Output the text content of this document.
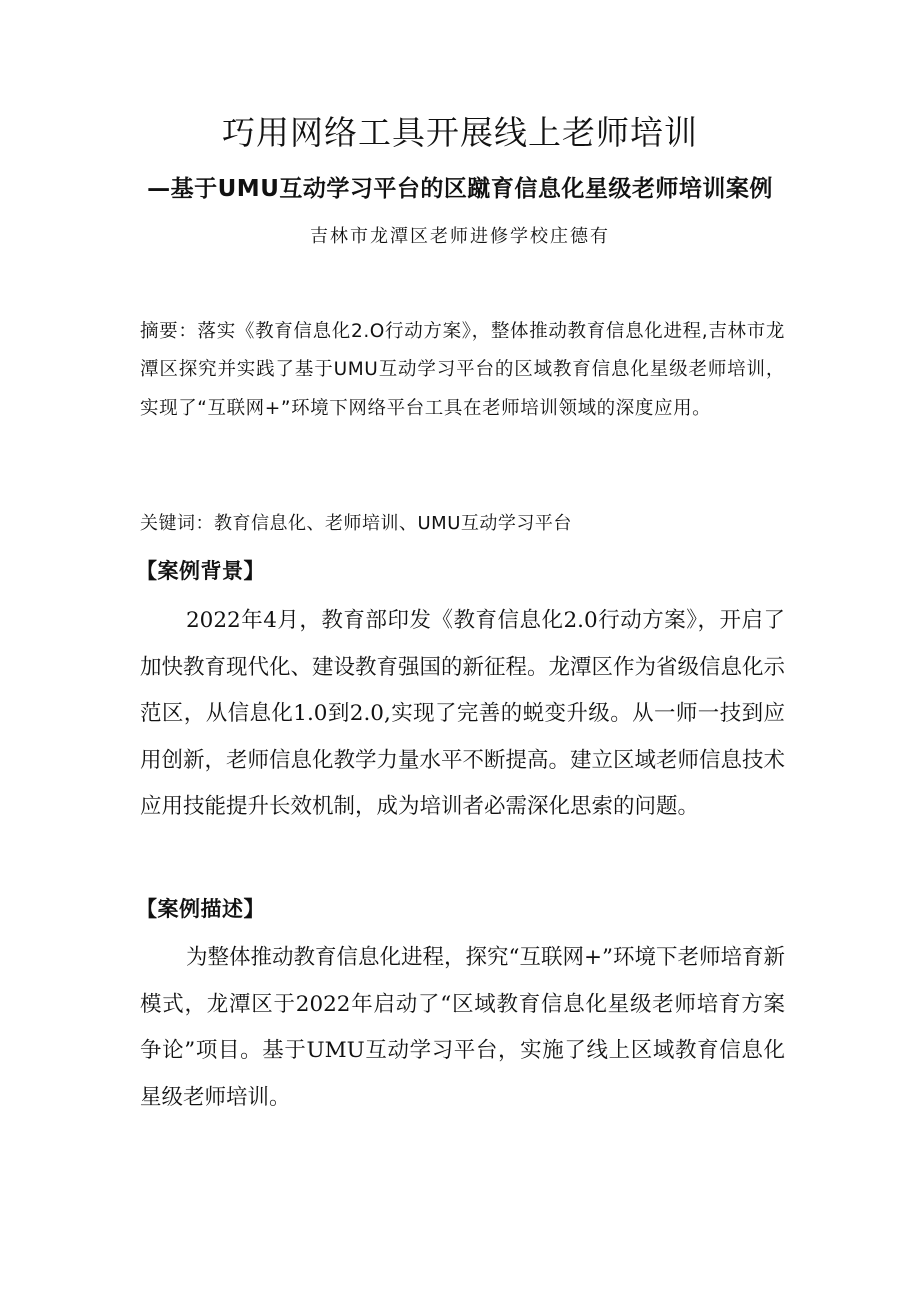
巧用网络工具开展线上老师培训
—基于UMU互动学习平台的区蹴育信息化星级老师培训案例
吉林市龙潭区老师进修学校庄德有
摘要：落实《教育信息化2.O行动方案》，整体推动教育信息化进程,吉林市龙潭区探究并实践了基于UMU互动学习平台的区域教育信息化星级老师培训，实现了“互联网+”环境下网络平台工具在老师培训领域的深度应用。
关键词：教育信息化、老师培训、UMU互动学习平台
【案例背景】
2022年4月，教育部印发《教育信息化2.0行动方案》，开启了加快教育现代化、建设教育强国的新征程。龙潭区作为省级信息化示范区，从信息化1.0到2.0,实现了完善的蜕变升级。从一师一技到应用创新，老师信息化教学力量水平不断提高。建立区域老师信息技术应用技能提升长效机制，成为培训者必需深化思索的问题。
【案例描述】
为整体推动教育信息化进程，探究“互联网+”环境下老师培育新模式，龙潭区于2022年启动了“区域教育信息化星级老师培育方案争论”项目。基于UMU互动学习平台，实施了线上区域教育信息化星级老师培训。
